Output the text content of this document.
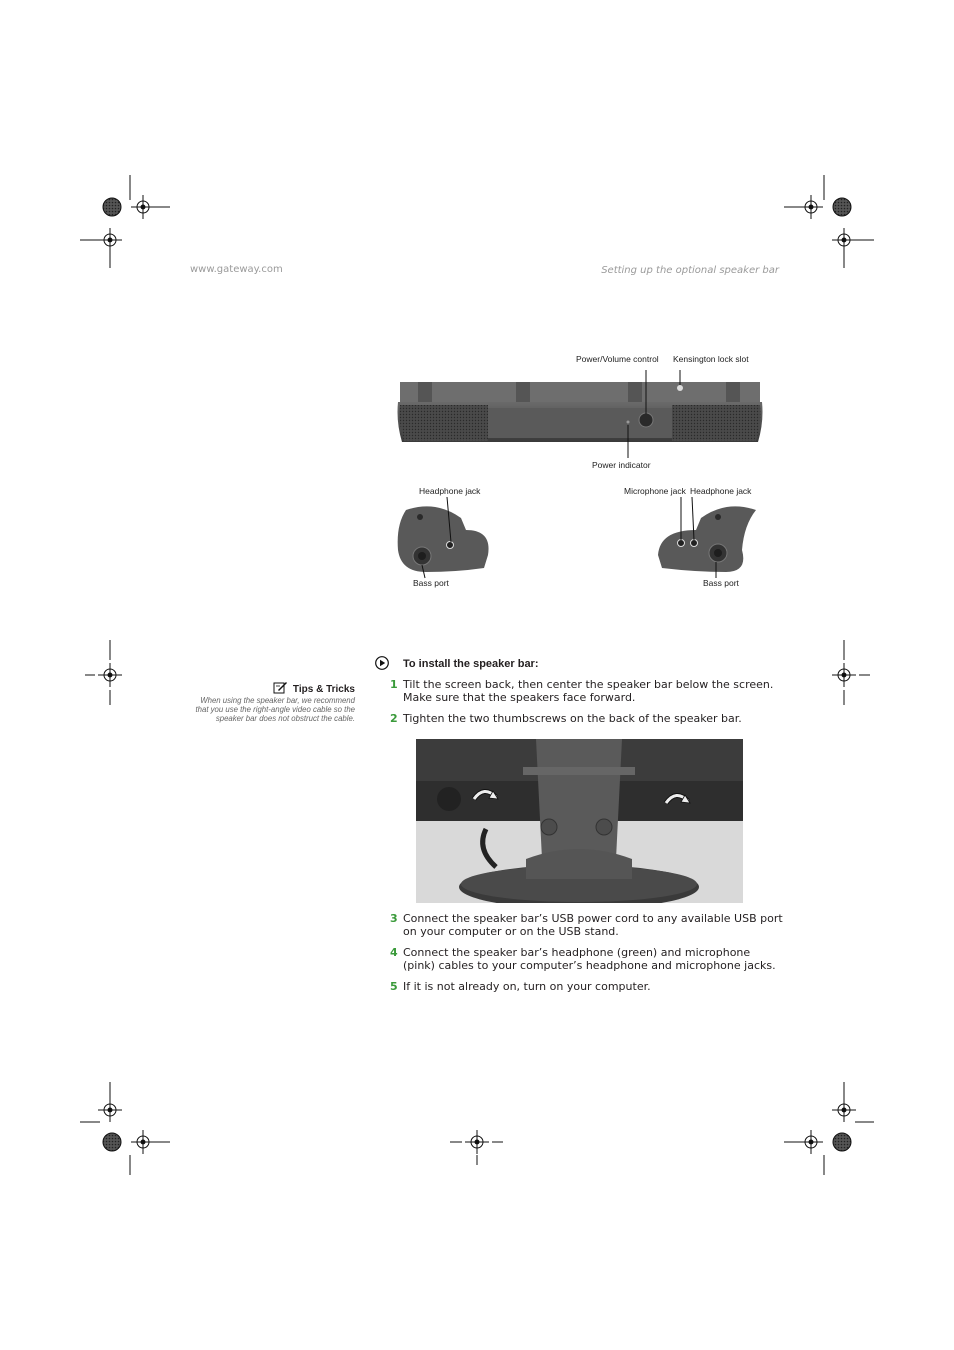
www.gateway.com	Setting up the optional speaker bar
Power/Volume control Kensington lock slot
Power indicator
Headphone jack	Microphone jack Headphone jack
Bass port	Bass port
Tips & Tricks
When using the speaker bar, we recommend that you use the right-angle video cable so the speaker bar does not obstruct the cable.
To install the speaker bar:
1 Tilt the screen back, then center the speaker bar below the screen. Make sure that the speakers face forward.
2 Tighten the two thumbscrews on the back of the speaker bar.
3 Connect the speaker bar’s USB power cord to any available USB port on your computer or on the USB stand.
4 Connect the speaker bar’s headphone (green) and microphone (pink) cables to your computer’s headphone and microphone jacks.
5 If it is not already on, turn on your computer.
